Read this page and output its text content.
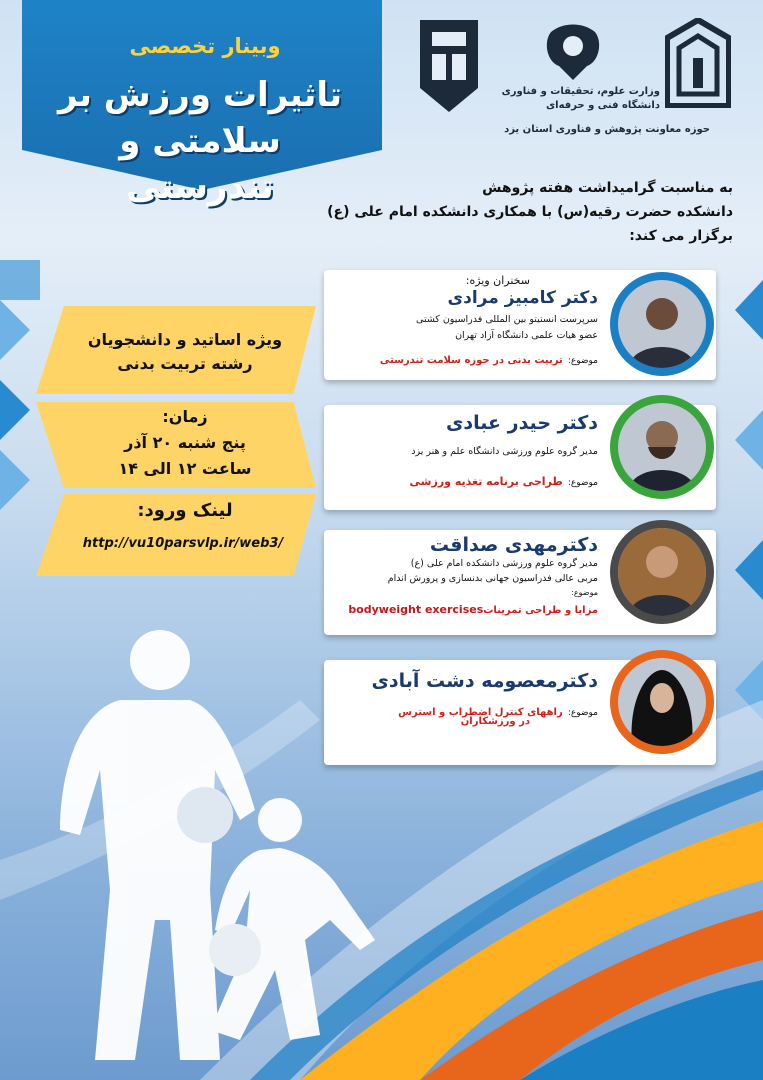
وبینار تخصصی
تاثیرات ورزش بر
سلامتی و تندرستی
وزارت علوم، تحقیقات و فناوری
دانشگاه فنی و حرفه‌ای
حوزه معاونت پژوهش و فناوری استان یزد
به مناسبت گرامیداشت هفته پژوهش
دانشکده حضرت رقیه(س) با همکاری دانشکده امام علی (ع)
برگزار می کند:
ویژه اساتید و دانشجویان
رشته تربیت بدنی
زمان:
پنج شنبه ۲۰ آذر
ساعت ۱۲ الی ۱۴
لینک ورود:
http://vu10parsvlp.ir/web3/
سخنران ویژه:
دکتر کامبیز مرادی
سرپرست انستیتو بین المللی فدراسیون کشتی
عضو هیات علمی دانشگاه آزاد تهران
موضوع: تربیت بدنی در حوزه سلامت تندرستی
دکتر حیدر عبادی
مدیر گروه علوم ورزشی دانشگاه علم و هنر یزد
موضوع: طراحی برنامه تغذیه ورزشی
دکترمهدی صداقت
مدیر گروه علوم ورزشی دانشکده امام علی (ع)
مربی عالی فدراسیون جهانی بدنسازی و پرورش اندام
موضوع:
مزایا و طراحی تمریناتbodyweight exercises
دکترمعصومه دشت آبادی
موضوع: راههای کنترل اضطراب و استرس
در ورزشکاران
